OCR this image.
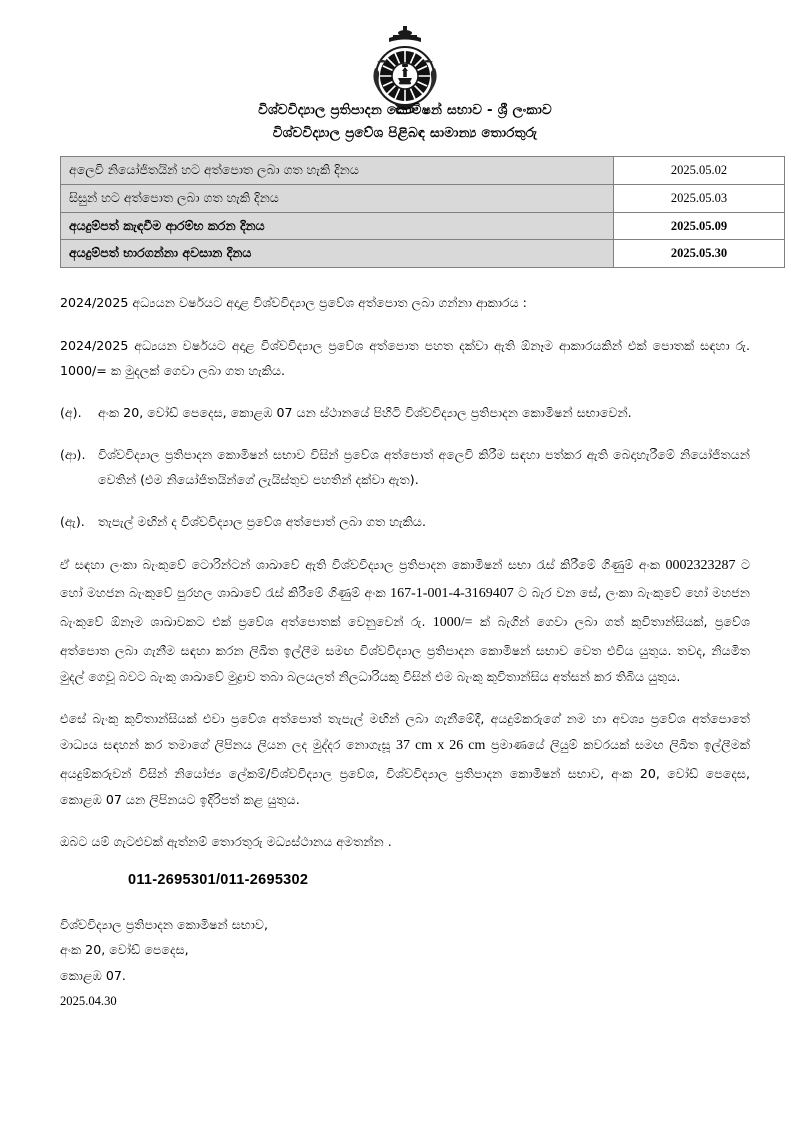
විශ්වවිද්‍යාල ප්‍රතිපාදන කොමිෂන් සභාව - ශ්‍රී ලංකාව
විශ්වවිද්‍යාල ප්‍රවේශ පිළිබඳ සාමාන්‍ය තොරතුරු
අලෙවි නියෝජිතයින් හට අත්පොත ලබා ගත හැකි දිනය	2025.05.02
සිසුන් හට අත්පොත ලබා ගත හැකි දිනය	2025.05.03
අයදුම්පත් කැඳවීම ආරම්භ කරන දිනය	2025.05.09
අයදුම්පත් භාරගන්නා අවසාන දිනය	2025.05.30

2024/2025 අධ්‍යයන වර්ෂයට අදාළ විශ්වවිද්‍යාල ප්‍රවේශ අත්පොත ලබා ගන්නා ආකාරය :

2024/2025 අධ්‍යයන වර්ෂයට අදාළ විශ්වවිද්‍යාල ප්‍රවේශ අත්පොත පහත දක්වා ඇති ඕනෑම ආකාරයකින් එක් පොතක් සඳහා රු. 1000/= ක මුදලක් ගෙවා ලබා ගත හැකිය.

(අ). අංක 20, වෝඩ් පෙදෙස, කොළඹ 07 යන ස්ථානයේ පිහිටි විශ්වවිද්‍යාල ප්‍රතිපාදන කොමිෂන් සභාවෙන්.
(ආ). විශ්වවිද්‍යාල ප්‍රතිපාදන කොමිෂන් සභාව විසින් ප්‍රවේශ අත්පොත් අලෙවි කිරීම සඳහා පත්කර ඇති බෙදාහැරීමේ නියෝජිතයන් වෙතින් (එම නියෝජිතයින්ගේ ලැයිස්තුව පහතින් දක්වා ඇත).
(ඇ). තැපැල් මඟින් ද විශ්වවිද්‍යාල ප්‍රවේශ අත්පොත් ලබා ගත හැකිය.

ඒ සඳහා ලංකා බැංකුවේ ටොරින්ටන් ශාඛාවේ ඇති විශ්වවිද්‍යාල ප්‍රතිපාදන කොමිෂන් සභා රැස් කිරීමේ ගිණුම් අංක 0002323287 ට හෝ මහජන බැංකුවේ පුරහල ශාඛාවේ රැස් කිරීමේ ගිණුම් අංක 167-1-001-4-3169407 ට බැර වන සේ, ලංකා බැංකුවේ හෝ මහජන බැංකුවේ ඕනෑම ශාඛාවකට එක් ප්‍රවේශ අත්පොතක් වෙනුවෙන් රු. 1000/= ක් බැගින් ගෙවා ලබා ගත් කුවිතාන්සියක්, ප්‍රවේශ අත්පොත ලබා ගැනීම සඳහා කරන ලිඛිත ඉල්ලීම සමඟ විශ්වවිද්‍යාල ප්‍රතිපාදන කොමිෂන් සභාව වෙත එවිය යුතුය. තවද, නියමිත මුදල් ගෙවූ බවට බැංකු ශාඛාවේ මුද්‍රාව තබා බලයලත් නිලධාරියකු විසින් එම බැංකු කුවිතාන්සිය අත්සන් කර තිබිය යුතුය.

එසේ බැංකු කුවිතාන්සියක් එවා ප්‍රවේශ අත්පොත් තැපැල් මඟින් ලබා ගැනීමේදී, අයදුම්කරුගේ නම හා අවශ්‍ය ප්‍රවේශ අත්පොතේ මාධ්‍යය සඳහන් කර තමාගේ ලිපිනය ලියන ලද මුද්දර නොගැසූ 37 cm x 26 cm ප්‍රමාණයේ ලියුම් කවරයක් සමඟ ලිඛිත ඉල්ලීමක් අයදුම්කරුවන් විසින් නියෝජ්‍ය ලේකම්/විශ්වවිද්‍යාල ප්‍රවේශ, විශ්වවිද්‍යාල ප්‍රතිපාදන කොමිෂන් සභාව, අංක 20, වෝඩ් පෙදෙස, කොළඹ 07 යන ලිපිනයට ඉදිරිපත් කළ යුතුය.

ඔබට යම් ගැටළුවක් ඇත්නම් තොරතුරු මධ්‍යස්ථානය අමතන්න .

011-2695301/011-2695302
විශ්වවිද්‍යාල ප්‍රතිපාදන කොමිෂන් සභාව,
අංක 20, වෝඩ් පෙදෙස,
කොළඹ 07.
2025.04.30
